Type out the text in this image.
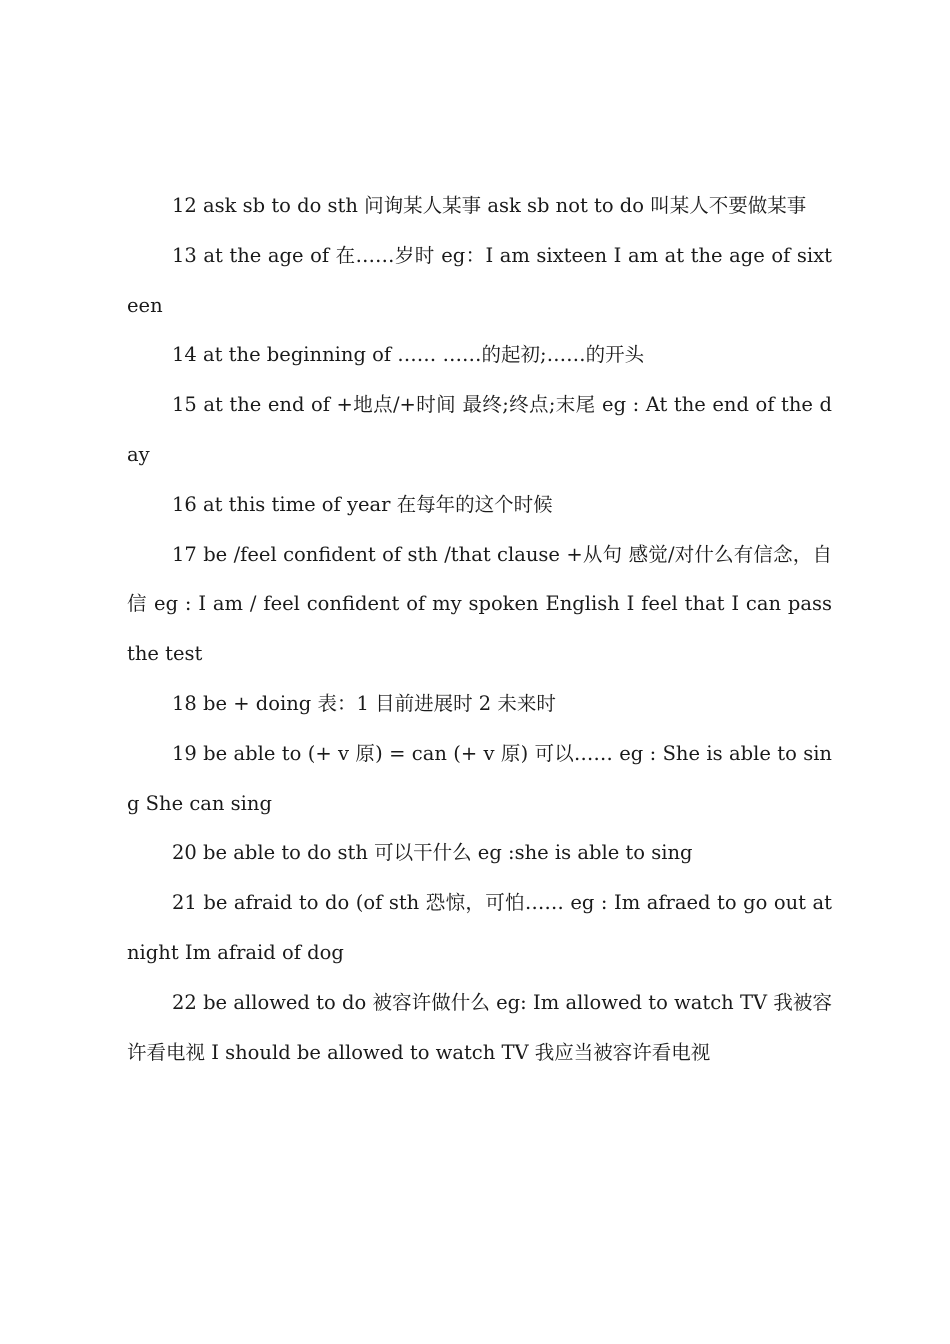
12 ask sb to do sth 问询某人某事 ask sb not to do 叫某人不要做某事

13 at the age of 在……岁时 eg：I am sixteen I am at the age of sixteen

14 at the beginning of …… ……的起初;……的开头

15 at the end of +地点/+时间 最终;终点;末尾 eg : At the end of the day

16 at this time of year 在每年的这个时候

17 be /feel confident of sth /that clause +从句 感觉/对什么有信念，自信 eg : I am / feel confident of my spoken English I feel that I can pass the test

18 be + doing 表：1 目前进展时 2 未来时

19 be able to (+ v 原) = can (+ v 原) 可以…… eg : She is able to sing She can sing

20 be able to do sth 可以干什么 eg :she is able to sing

21 be afraid to do (of sth 恐惊，可怕…… eg : Im afraed to go out at night Im afraid of dog

22 be allowed to do 被容许做什么 eg: Im allowed to watch TV 我被容许看电视 I should be allowed to watch TV 我应当被容许看电视
